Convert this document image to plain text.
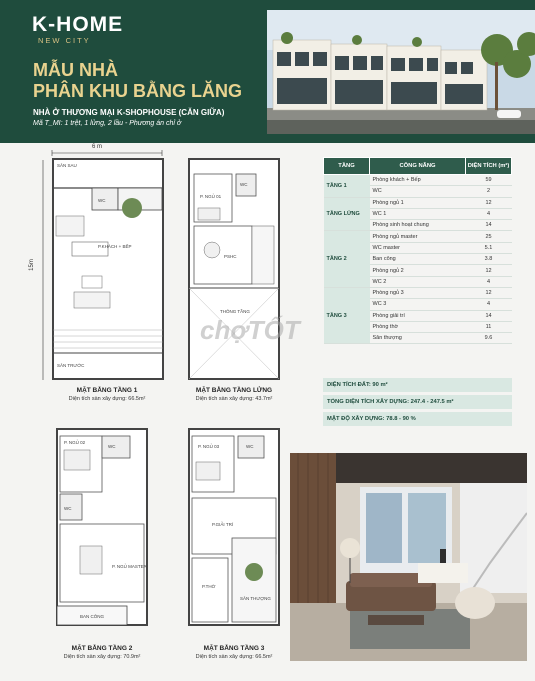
K-HOME
NEW CITY
MẪU NHÀ
PHÂN KHU BẰNG LĂNG
NHÀ Ở THƯƠNG MẠI K-SHOPHOUSE (CĂN GIỮA)
Mã T_MI: 1 trệt, 1 lửng, 2 lầu - Phương án chỉ ở
6 m
15m
SÂN SAU
WC
P.KHÁCH + BẾP
SÂN TRƯỚC
MẶT BẰNG TẦNG 1
Diện tích sàn xây dựng: 66.5m²
P. NGỦ 01
WC
PSHC
THÔNG TẦNG
MẶT BẰNG TẦNG LỬNG
Diện tích sàn xây dựng: 43.7m²
P. NGỦ 02
WC
WC
P. NGỦ MASTER
BAN CÔNG
MẶT BẰNG TẦNG 2
Diện tích sàn xây dựng: 70.9m²
P. NGỦ 03	WC
P.GIẢI TRÍ
P.THỜ
SÂN THƯỢNG
MẶT BẰNG TẦNG 3
Diện tích sàn xây dựng: 66.5m²
TẦNG	CÔNG NĂNG	DIỆN TÍCH (m²)
TẦNG 1	Phòng khách + Bếp	59
	WC	2
TẦNG LỬNG	Phòng ngủ 1	12
	WC 1	4
	Phòng sinh hoạt chung	14
TẦNG 2	Phòng ngủ master	25
	WC master	5.1
	Ban công	3.8
	Phòng ngủ 2	12
	WC 2	4
TẦNG 3	Phòng ngủ 3	12
	WC 3	4
	Phòng giải trí	14
	Phòng thờ	11
	Sân thượng	9.6
DIỆN TÍCH ĐẤT: 90 m²
TỔNG DIỆN TÍCH XÂY DỰNG: 247.4 - 247.5 m²
MẬT ĐỘ XÂY DỰNG: 78.8 - 90 %
chợTỐT
